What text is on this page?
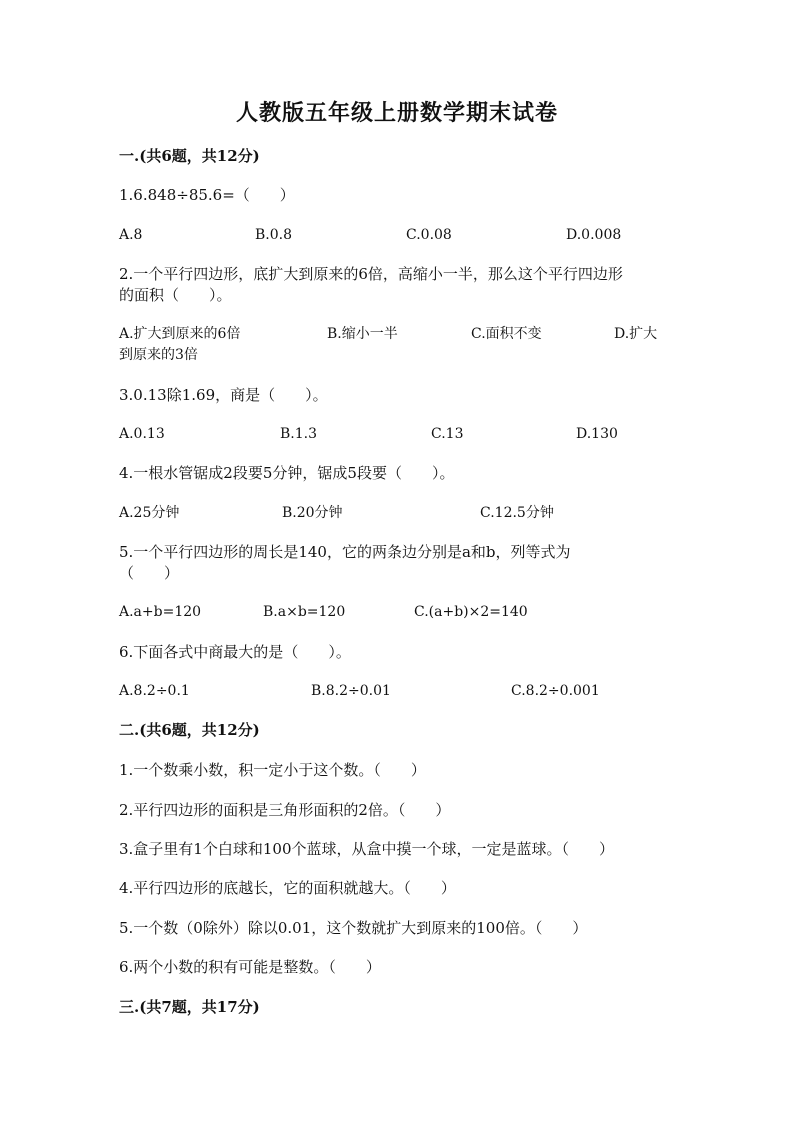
人教版五年级上册数学期末试卷
一.(共6题，共12分)
1.6.848÷85.6=（　　）
A.8	B.0.8	C.0.08	D.0.008
2.一个平行四边形，底扩大到原来的6倍，高缩小一半，那么这个平行四边形
的面积（　　）。
A.扩大到原来的6倍	B.缩小一半	C.面积不变	D.扩大
到原来的3倍
3.0.13除1.69，商是（　　）。
A.0.13	B.1.3	C.13	D.130
4.一根水管锯成2段要5分钟，锯成5段要（　　）。
A.25分钟	B.20分钟	C.12.5分钟
5.一个平行四边形的周长是140，它的两条边分别是a和b，列等式为
（　　）
A.a+b=120	B.a×b=120	C.(a+b)×2=140
6.下面各式中商最大的是（　　）。
A.8.2÷0.1	B.8.2÷0.01	C.8.2÷0.001
二.(共6题，共12分)
1.一个数乘小数，积一定小于这个数。（　　）
2.平行四边形的面积是三角形面积的2倍。（　　）
3.盒子里有1个白球和100个蓝球，从盒中摸一个球，一定是蓝球。（　　）
4.平行四边形的底越长，它的面积就越大。（　　）
5.一个数（0除外）除以0.01，这个数就扩大到原来的100倍。（　　）
6.两个小数的积有可能是整数。（　　）
三.(共7题，共17分)
